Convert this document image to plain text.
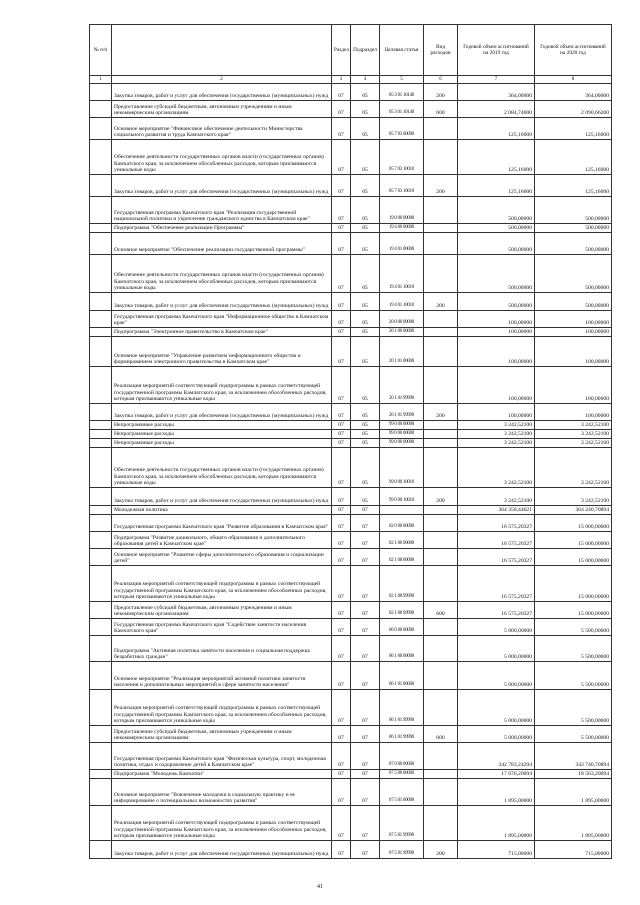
№ п/п		Раздел	Подраздел	Целевая статья	Вид расходов	Годовой объем ассигнований на 2019 год	Годовой объем ассигнований на 2020 год
1	2	3	4	5	6	7	8
	Закупка товаров, работ и услуг для обеспечения государственных (муниципальных) нужд	07	05	05 3 01 10140	200	364,00000	364,00000
	Предоставление субсидий бюджетным, автономным учреждениям и иным некоммерческим организациям	07	05	05 3 01 10140	600	2 084,74000	2 090,66200
	Основное мероприятие "Финансовое обеспечение деятельности Министерства социального развития и труда Камчатского края"	07	05	05 7 03 00000		125,16000	125,16000
	Обеспечение деятельности государственных органов власти (государственных органов) Камчатского края, за исключением обособленных расходов, которым присваиваются уникальные коды	07	05	05 7 03 10010		125,16000	125,16000
	Закупка товаров, работ и услуг для обеспечения государственных (муниципальных) нужд	07	05	05 7 03 10010	200	125,16000	125,16000
	Государственная программа Камчатского края "Реализация государственной национальной политики и укрепление гражданского единства в Камчатском крае"	07	05	19 0 00 00000		500,00000	500,00000
	Подпрограмма "Обеспечение реализации Программы"	07	05	19 4 00 00000		500,00000	500,00000
	Основное мероприятие "Обеспечение реализации государственной программы"	07	05	19 4 01 00000		500,00000	500,00000
	Обеспечение деятельности государственных органов власти (государственных органов) Камчатского края, за исключением обособленных расходов, которым присваиваются уникальные коды	07	05	19 4 01 10010		500,00000	500,00000
	Закупка товаров, работ и услуг для обеспечения государственных (муниципальных) нужд	07	05	19 4 01 10010	200	500,00000	500,00000
	Государственная программа Камчатского края "Информационное общество в Камчатском крае"	07	05	20 0 00 00000		100,00000	100,00000
	Подпрограмма "Электронное правительство в Камчатском крае"	07	05	20 1 00 00000		100,00000	100,00000
	Основное мероприятие "Управление развитием информационного общества и формированием электронного правительства в Камчатском крае"	07	05	20 1 01 00000		100,00000	100,00000
	Реализация мероприятий соответствующей подпрограммы в рамках соответствующей государственной программы Камчатского края, за исключением обособленных расходов, которым присваиваются уникальные коды	07	05	20 1 01 99990		100,00000	100,00000
	Закупка товаров, работ и услуг для обеспечения государственных (муниципальных) нужд	07	05	20 1 01 99990	200	100,00000	100,00000
	Непрограммные расходы	07	05	99 0 00 00000		3 242,52100	3 242,52100
	Непрограммные расходы	07	05	99 0 00 00000		3 242,52100	3 242,52100
	Непрограммные расходы	07	05	99 0 00 00000		3 242,52100	3 242,52100
	Обеспечение деятельности государственных органов власти (государственных органов) Камчатского края, за исключением обособленных расходов, которым присваиваются уникальные коды	07	05	99 0 00 10010		3 242,52100	3 242,52100
	Закупка товаров, работ и услуг для обеспечения государственных (муниципальных) нужд	07	05	99 0 00 10010	200	3 242,52100	3 242,52100
	Молодежная политика	07	07			364 358,44621	364 240,70894
	Государственная программа Камчатского края "Развитие образования в Камчатском крае"	07	07	02 0 00 00000		16 575,20327	15 000,00000
	Подпрограмма "Развитие дошкольного, общего образования и дополнительного образования детей в Камчатском крае"	07	07	02 1 00 00000		16 575,20327	15 000,00000
	Основное мероприятие "Развитие сферы дополнительного образования и социализации детей"	07	07	02 1 08 00000		16 575,20327	15 000,00000
	Реализация мероприятий соответствующей подпрограммы в рамках соответствующей государственной программы Камчатского края, за исключением обособленных расходов, которым присваиваются уникальные коды	07	07	02 1 08 99990		16 575,20327	15 000,00000
	Предоставление субсидий бюджетным, автономным учреждениям и иным некоммерческим организациям	07	07	02 1 08 99990	600	16 575,20327	15 000,00000
	Государственная программа Камчатского края "Содействие занятости населения Камчатского края"	07	07	06 0 00 00000		5 000,00000	5 500,00000
	Подпрограмма "Активная политика занятости населения и социальная поддержка безработных граждан"	07	07	06 1 00 00000		5 000,00000	5 500,00000
	Основное мероприятие "Реализация мероприятий активной политики занятости населения и дополнительных мероприятий в сфере занятости населения"	07	07	06 1 01 00000		5 000,00000	5 500,00000
	Реализация мероприятий соответствующей подпрограммы в рамках соответствующей государственной программы Камчатского края, за исключением обособленных расходов, которым присваиваются уникальные коды	07	07	06 1 01 99990		5 000,00000	5 500,00000
	Предоставление субсидий бюджетным, автономным учреждениям и иным некоммерческим организациям	07	07	06 1 01 99990	600	5 000,00000	5 500,00000
	Государственная программа Камчатского края "Физическая культура, спорт, молодежная политика, отдых и оздоровление детей в Камчатском крае"	07	07	07 0 00 00000		342 783,24294	343 740,70894
	Подпрограмма "Молодежь Камчатки"	07	07	07 5 00 00000		17 676,20094	18 563,20094
	Основное мероприятие "Вовлечение молодежи в социальную практику и ее информирование о потенциальных возможностях развития"	07	07	07 5 01 00000		1 895,00000	1 895,00000
	Реализация мероприятий соответствующей подпрограммы в рамках соответствующей государственной программы Камчатского края, за исключением обособленных расходов, которым присваиваются уникальные коды	07	07	07 5 01 99990		1 895,00000	1 895,00000
	Закупка товаров, работ и услуг для обеспечения государственных (муниципальных) нужд	07	07	07 5 01 99990	200	715,00000	715,00000
41
